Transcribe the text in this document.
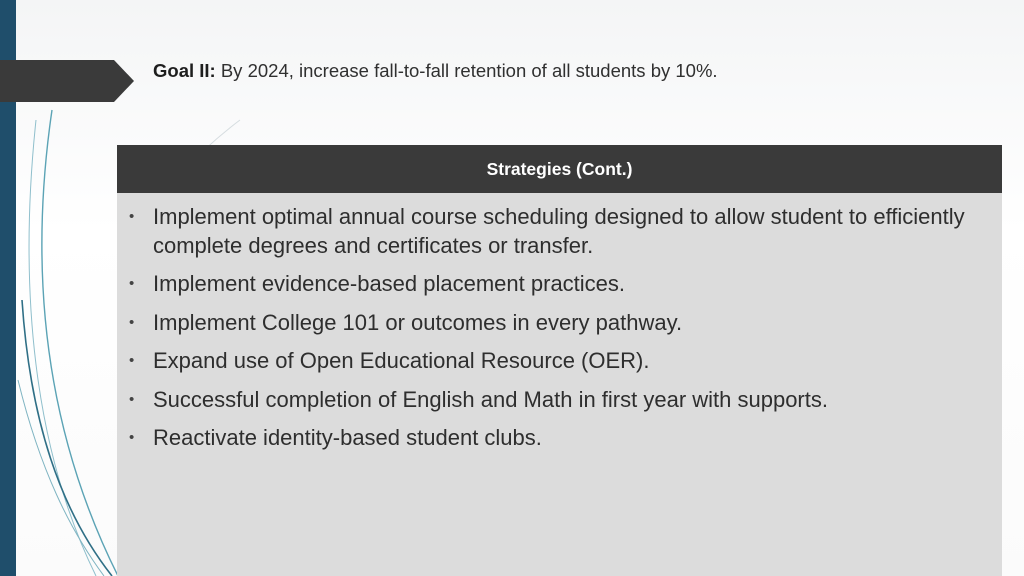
Goal II: By 2024, increase fall-to-fall retention of all students by 10%.
Strategies (Cont.)
• Implement optimal annual course scheduling designed to allow student to efficiently complete degrees and certificates or transfer.
• Implement evidence-based placement practices.
• Implement College 101 or outcomes in every pathway.
• Expand use of Open Educational Resource (OER).
• Successful completion of English and Math in first year with supports.
• Reactivate identity-based student clubs.
